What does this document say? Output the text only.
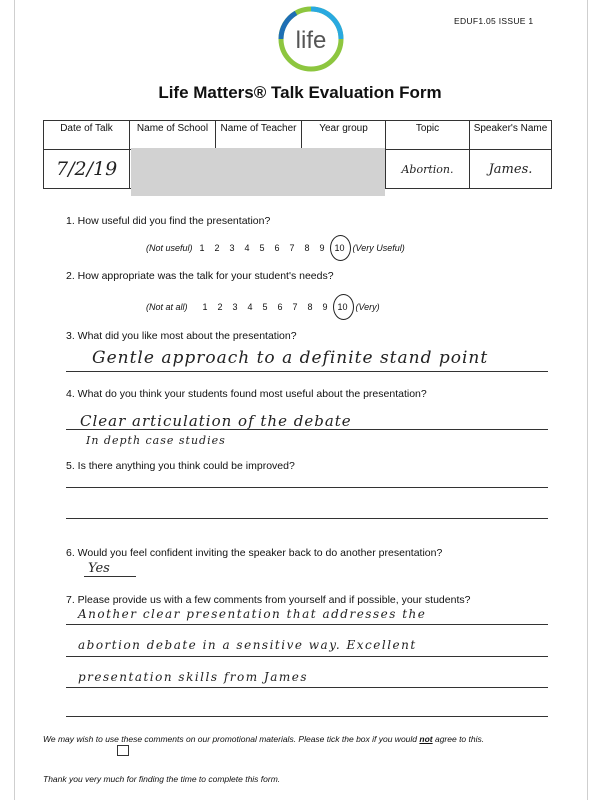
life
EDUF1.05 ISSUE 1
Life Matters® Talk Evaluation Form
Date of Talk	Name of School	Name of Teacher	Year group	Topic	Speaker's Name
7/2/19				Abortion.	James.
1. How useful did you find the presentation?
(Not useful) 1	2	3	4	5	6	7	8	9	10 (Very Useful)
2. How appropriate was the talk for your student's needs?
(Not at all)	1	2	3	4	5	6	7	8	9	10 (Very)
3. What did you like most about the presentation?
Gentle approach to a definite stand point
4. What do you think your students found most useful about the presentation?
Clear articulation of the debate
In depth case studies
5. Is there anything you think could be improved?
6. Would you feel confident inviting the speaker back to do another presentation?
Yes
7. Please provide us with a few comments from yourself and if possible, your students?
Another clear presentation that addresses the
abortion debate in a sensitive way. Excellent
presentation skills from James
We may wish to use these comments on our promotional materials. Please tick the box if you would not agree to this.
Thank you very much for finding the time to complete this form.
